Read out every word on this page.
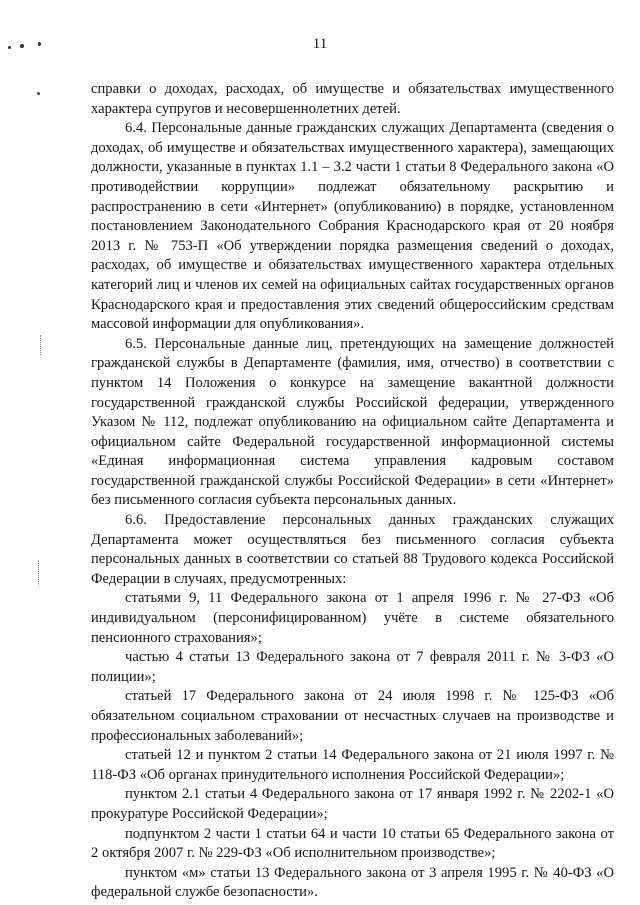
11

справки о доходах, расходах, об имуществе и обязательствах имущественного характера супругов и несовершеннолетних детей.

6.4. Персональные данные гражданских служащих Департамента (сведения о доходах, об имуществе и обязательствах имущественного характера), замещающих должности, указанные в пунктах 1.1 – 3.2 части 1 статьи 8 Федерального закона «О противодействии коррупции» подлежат обязательному раскрытию и распространению в сети «Интернет» (опубликованию) в порядке, установленном постановлением Законодательного Собрания Краснодарского края от 20 ноября 2013 г. № 753-П «Об утверждении порядка размещения сведений о доходах, расходах, об имуществе и обязательствах имущественного характера отдельных категорий лиц и членов их семей на официальных сайтах государственных органов Краснодарского края и предоставления этих сведений общероссийским средствам массовой информации для опубликования».

6.5. Персональные данные лиц, претендующих на замещение должностей гражданской службы в Департаменте (фамилия, имя, отчество) в соответствии с пунктом 14 Положения о конкурсе на замещение вакантной должности государственной гражданской службы Российской федерации, утвержденного Указом № 112, подлежат опубликованию на официальном сайте Департамента и официальном сайте Федеральной государственной информационной системы «Единая информационная система управления кадровым составом государственной гражданской службы Российской Федерации» в сети «Интернет» без письменного согласия субъекта персональных данных.

6.6. Предоставление персональных данных гражданских служащих Департамента может осуществляться без письменного согласия субъекта персональных данных в соответствии со статьей 88 Трудового кодекса Российской Федерации в случаях, предусмотренных:

статьями 9, 11 Федерального закона от 1 апреля 1996 г. № 27-ФЗ «Об индивидуальном (персонифицированном) учёте в системе обязательного пенсионного страхования»;

частью 4 статьи 13 Федерального закона от 7 февраля 2011 г. № 3-ФЗ «О полиции»;

статьей 17 Федерального закона от 24 июля 1998 г. № 125-ФЗ «Об обязательном социальном страховании от несчастных случаев на производстве и профессиональных заболеваний»;

статьей 12 и пунктом 2 статьи 14 Федерального закона от 21 июля 1997 г. № 118-ФЗ «Об органах принудительного исполнения Российской Федерации»;

пунктом 2.1 статьи 4 Федерального закона от 17 января 1992 г. № 2202-1 «О прокуратуре Российской Федерации»;

подпунктом 2 части 1 статьи 64 и части 10 статьи 65 Федерального закона от 2 октября 2007 г. № 229-ФЗ «Об исполнительном производстве»;

пунктом «м» статьи 13 Федерального закона от 3 апреля 1995 г. № 40-ФЗ «О федеральной службе безопасности».
